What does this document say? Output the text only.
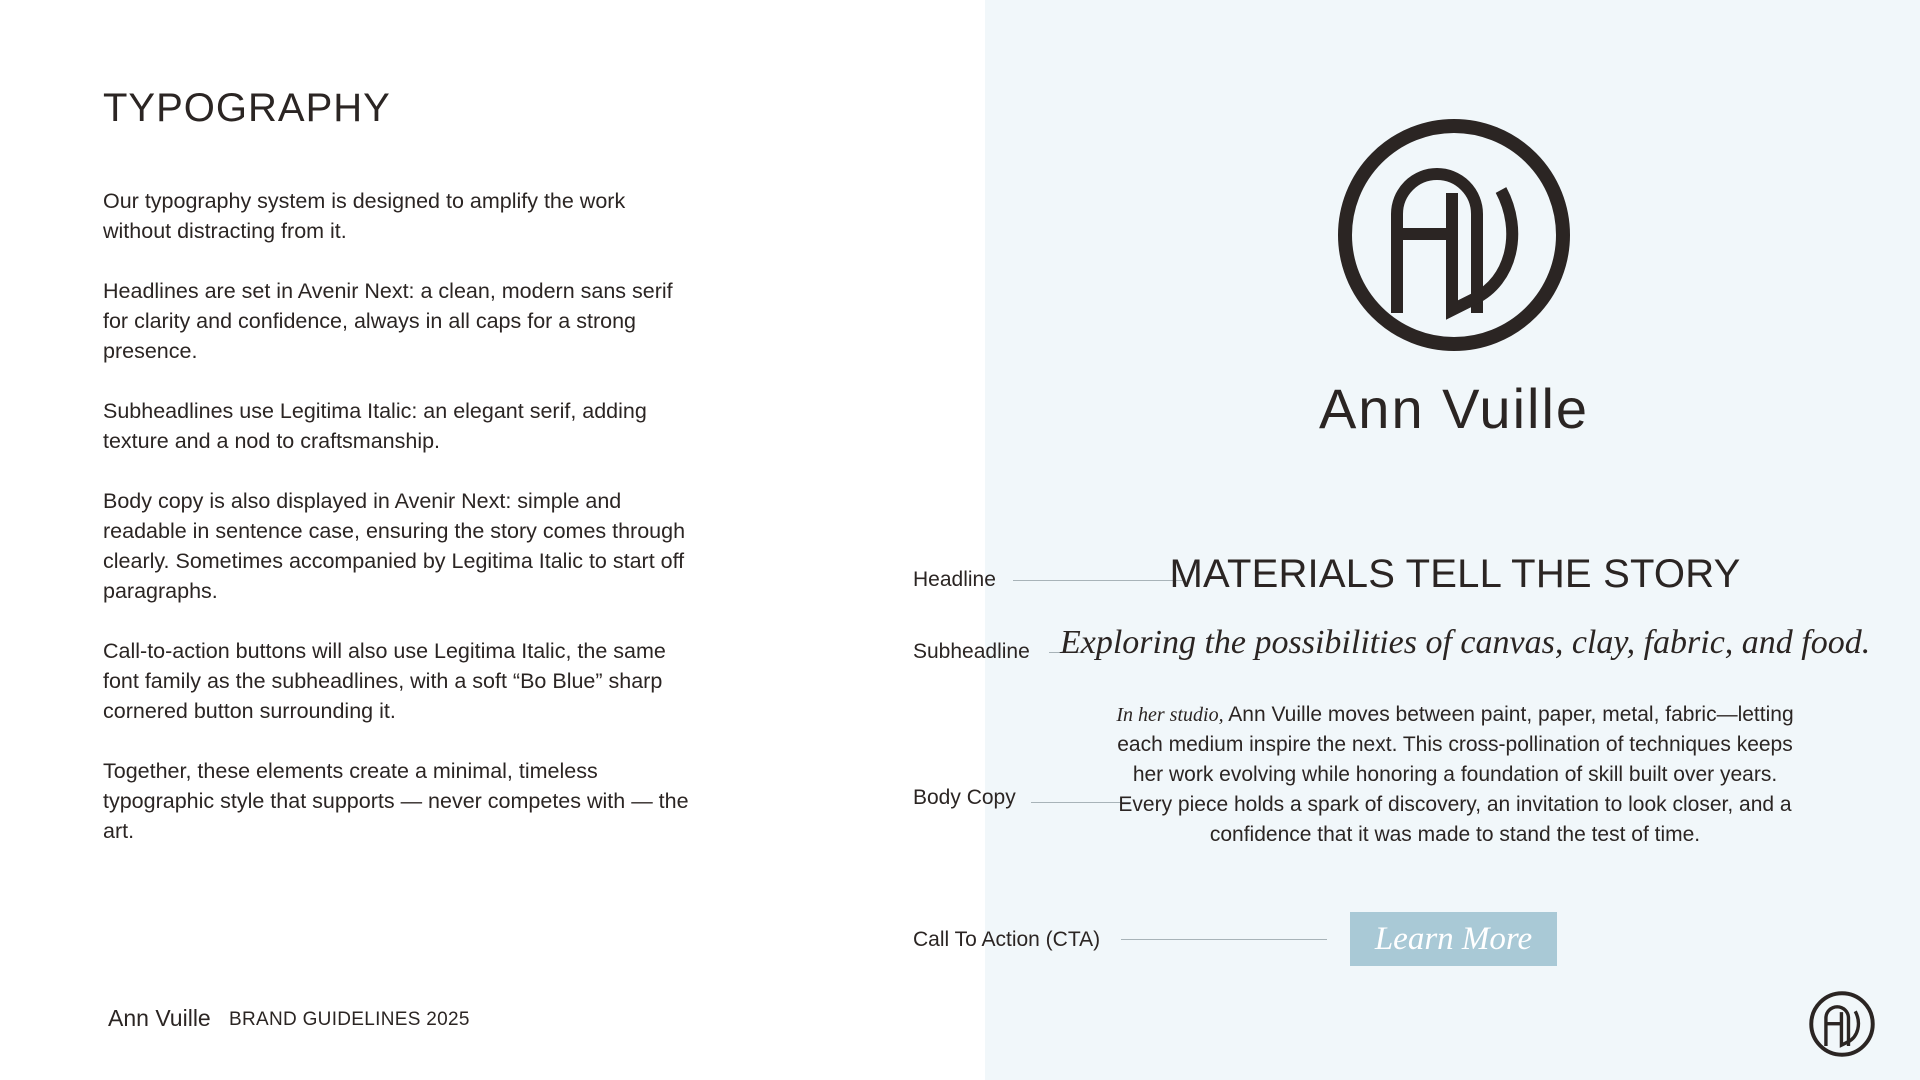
TYPOGRAPHY

Our typography system is designed to amplify the work without distracting from it.

Headlines are set in Avenir Next: a clean, modern sans serif for clarity and confidence, always in all caps for a strong presence.

Subheadlines use Legitima Italic: an elegant serif, adding texture and a nod to craftsmanship.

Body copy is also displayed in Avenir Next: simple and readable in sentence case, ensuring the story comes through clearly. Sometimes accompanied by Legitima Italic to start off paragraphs.

Call-to-action buttons will also use Legitima Italic, the same font family as the subheadlines, with a soft “Bo Blue” sharp cornered button surrounding it.

Together, these elements create a minimal, timeless typographic style that supports — never competes with — the art.

Ann Vuille BRAND GUIDELINES 2025
Ann Vuille
Headline
Subheadline
Body Copy
Call To Action (CTA)
MATERIALS TELL THE STORY
Exploring the possibilities of canvas, clay, fabric, and food.
In her studio, Ann Vuille moves between paint, paper, metal, fabric—letting each medium inspire the next. This cross-pollination of techniques keeps her work evolving while honoring a foundation of skill built over years. Every piece holds a spark of discovery, an invitation to look closer, and a confidence that it was made to stand the test of time.
Learn More
